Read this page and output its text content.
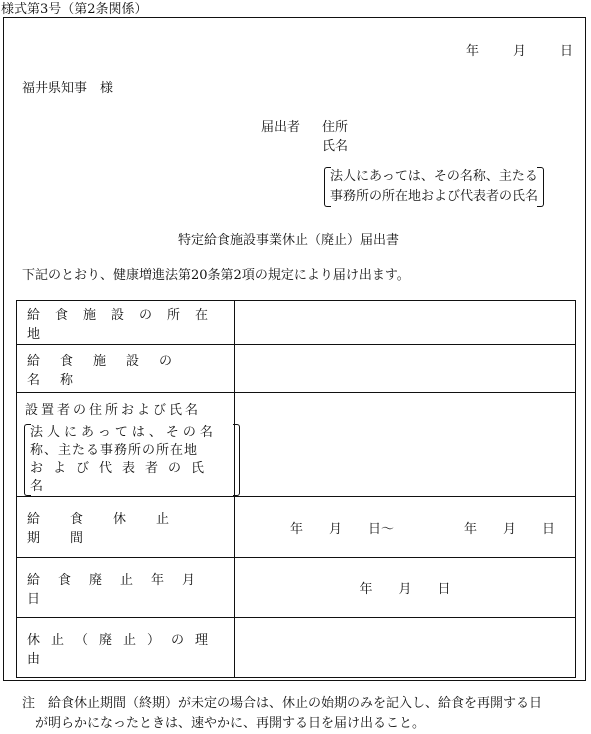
様式第3号（第2条関係）
年	月	日
福井県知事　様
届出者 住所
氏名
法人にあっては、その名称、主たる
事務所の所在地および代表者の氏名
特定給食施設事業休止（廃止）届出書
下記のとおり、健康増進法第20条第2項の規定により届け出ます。
給食施設の所在地	

給食施設の名称	

設置者の住所および氏名
法人にあっては、その名
称、主たる事務所の所在地
および代表者の氏名	

給食休止期間	年　　月　　日〜 年　　月　　日

給食廃止年月日	年　　月　　日

休止（廃止）の理由	

注　給食休止期間（終期）が未定の場合は、休止の始期のみを記入し、給食を再開する日
　が明らかになったときは、速やかに、再開する日を届け出ること。
